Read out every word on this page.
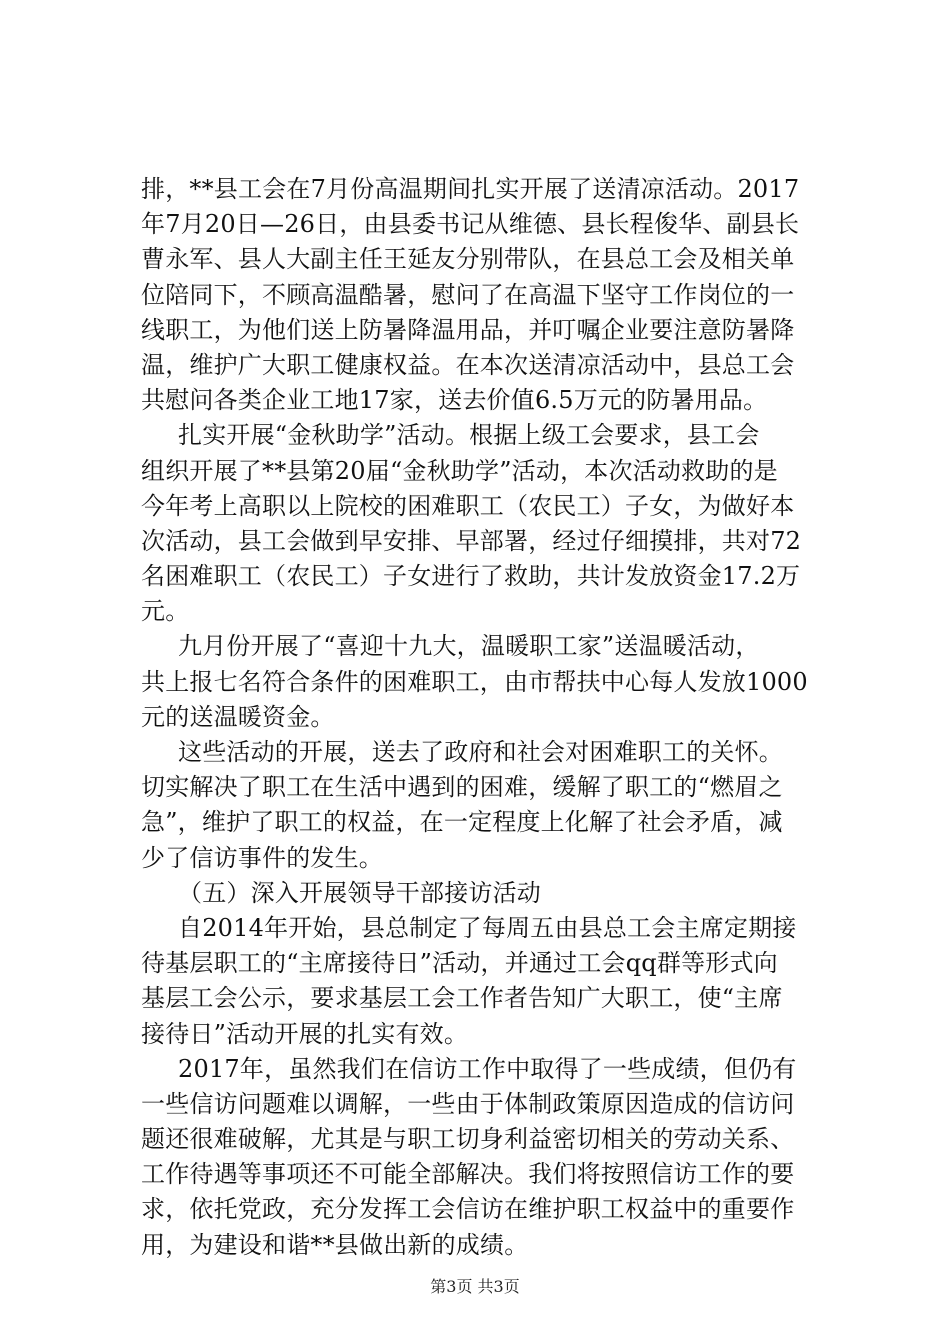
排，**县工会在7月份高温期间扎实开展了送清凉活动。2017
年7月20日—26日，由县委书记从维德、县长程俊华、副县长
曹永军、县人大副主任王延友分别带队，在县总工会及相关单
位陪同下，不顾高温酷暑，慰问了在高温下坚守工作岗位的一
线职工，为他们送上防暑降温用品，并叮嘱企业要注意防暑降
温，维护广大职工健康权益。在本次送清凉活动中，县总工会
共慰问各类企业工地17家，送去价值6.5万元的防暑用品。
扎实开展“金秋助学”活动。根据上级工会要求，县工会
组织开展了**县第20届“金秋助学”活动，本次活动救助的是
今年考上高职以上院校的困难职工（农民工）子女，为做好本
次活动，县工会做到早安排、早部署，经过仔细摸排，共对72
名困难职工（农民工）子女进行了救助，共计发放资金17.2万
元。
九月份开展了“喜迎十九大，温暖职工家”送温暖活动，
共上报七名符合条件的困难职工，由市帮扶中心每人发放1000
元的送温暖资金。
这些活动的开展，送去了政府和社会对困难职工的关怀。
切实解决了职工在生活中遇到的困难，缓解了职工的“燃眉之
急”，维护了职工的权益，在一定程度上化解了社会矛盾，减
少了信访事件的发生。
（五）深入开展领导干部接访活动
自2014年开始，县总制定了每周五由县总工会主席定期接
待基层职工的“主席接待日”活动，并通过工会qq群等形式向
基层工会公示，要求基层工会工作者告知广大职工，使“主席
接待日”活动开展的扎实有效。
2017年，虽然我们在信访工作中取得了一些成绩，但仍有
一些信访问题难以调解，一些由于体制政策原因造成的信访问
题还很难破解，尤其是与职工切身利益密切相关的劳动关系、
工作待遇等事项还不可能全部解决。我们将按照信访工作的要
求，依托党政，充分发挥工会信访在维护职工权益中的重要作
用，为建设和谐**县做出新的成绩。
第3页 共3页
